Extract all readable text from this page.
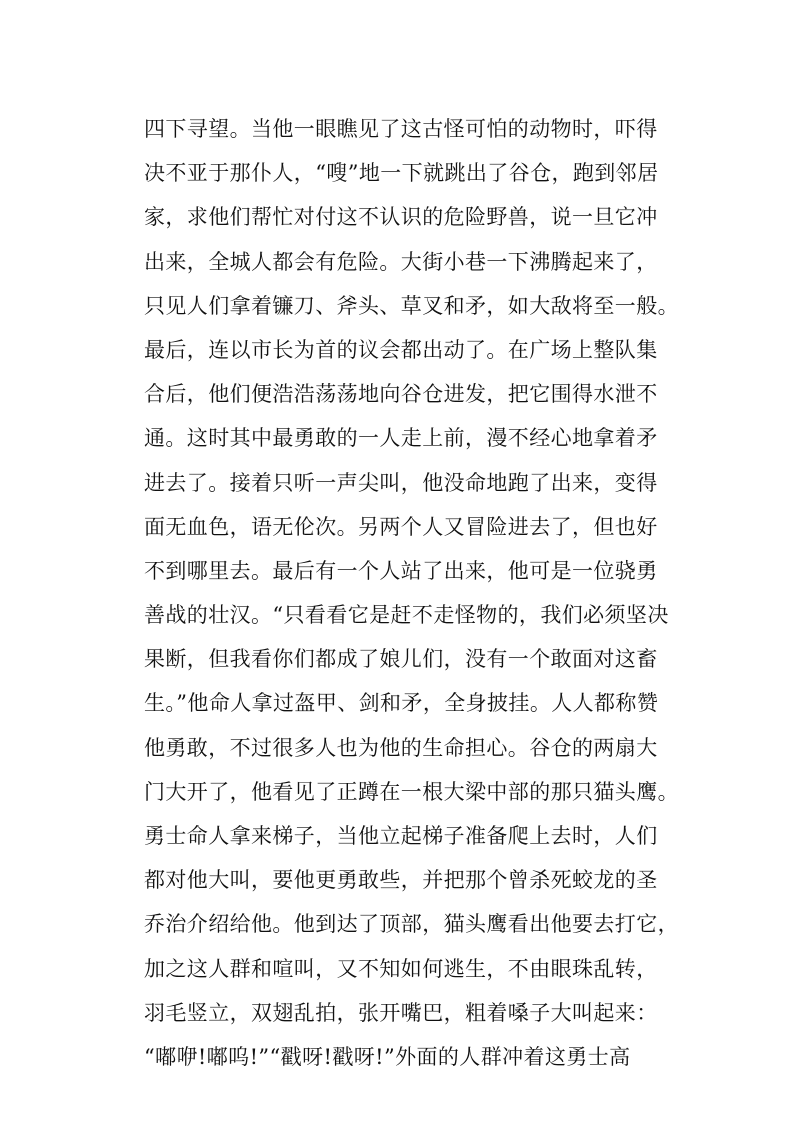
四下寻望。当他一眼瞧见了这古怪可怕的动物时，吓得
决不亚于那仆人，“嗖”地一下就跳出了谷仓，跑到邻居
家，求他们帮忙对付这不认识的危险野兽，说一旦它冲
出来，全城人都会有危险。大街小巷一下沸腾起来了，
只见人们拿着镰刀、斧头、草叉和矛，如大敌将至一般。
最后，连以市长为首的议会都出动了。在广场上整队集
合后，他们便浩浩荡荡地向谷仓进发，把它围得水泄不
通。这时其中最勇敢的一人走上前，漫不经心地拿着矛
进去了。接着只听一声尖叫，他没命地跑了出来，变得
面无血色，语无伦次。另两个人又冒险进去了，但也好
不到哪里去。最后有一个人站了出来，他可是一位骁勇
善战的壮汉。“只看看它是赶不走怪物的，我们必须坚决
果断，但我看你们都成了娘儿们，没有一个敢面对这畜
生。”他命人拿过盔甲、剑和矛，全身披挂。人人都称赞
他勇敢，不过很多人也为他的生命担心。谷仓的两扇大
门大开了，他看见了正蹲在一根大梁中部的那只猫头鹰。
勇士命人拿来梯子，当他立起梯子准备爬上去时，人们
都对他大叫，要他更勇敢些，并把那个曾杀死蛟龙的圣
乔治介绍给他。他到达了顶部，猫头鹰看出他要去打它，
加之这人群和喧叫，又不知如何逃生，不由眼珠乱转，
羽毛竖立，双翅乱拍，张开嘴巴，粗着嗓子大叫起来：
“嘟咿!嘟呜!”“戳呀!戳呀!”外面的人群冲着这勇士高
